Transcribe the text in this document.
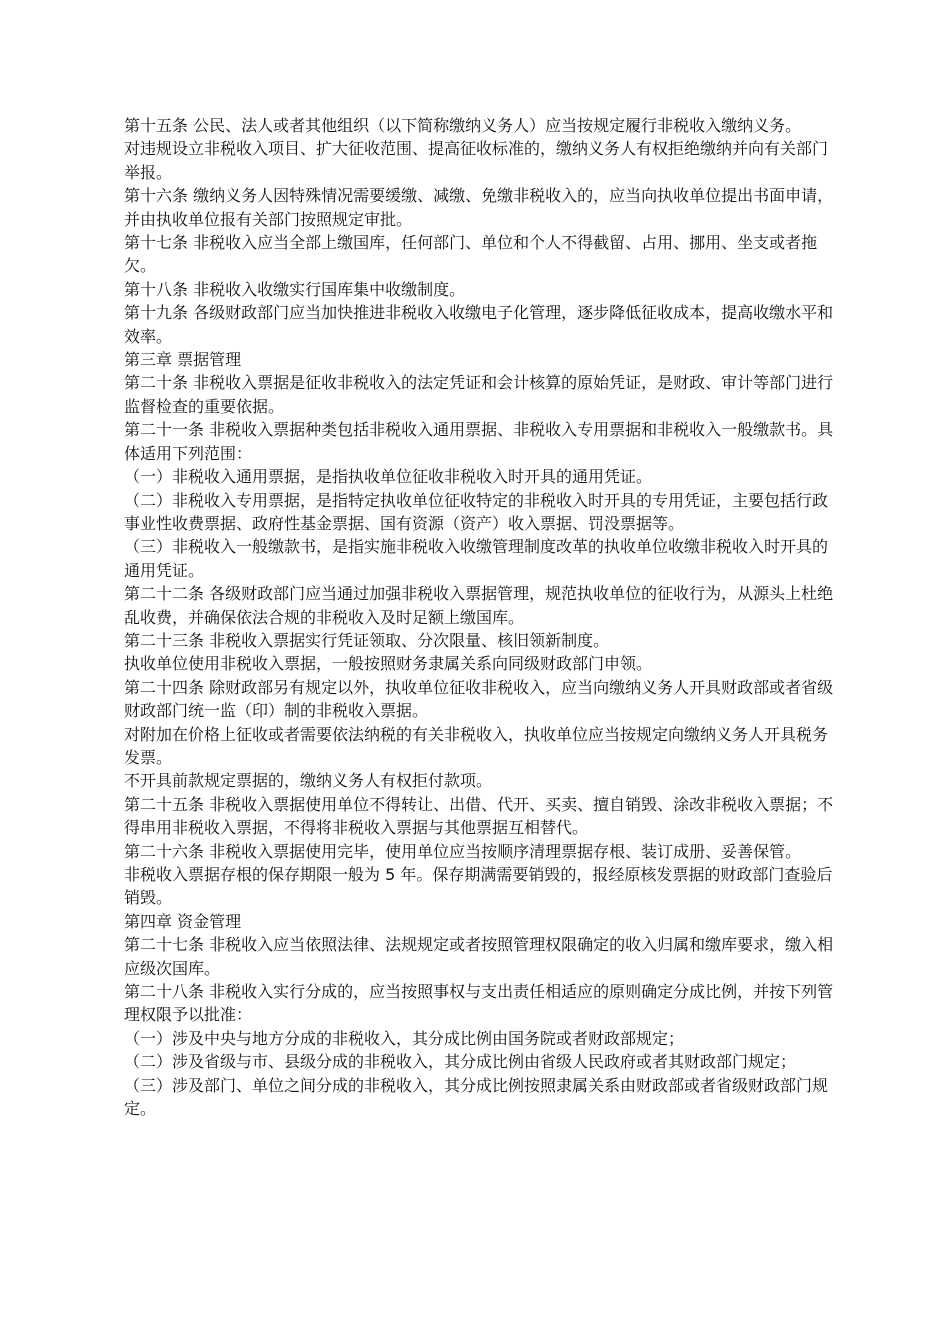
第十五条 公民、法人或者其他组织（以下简称缴纳义务人）应当按规定履行非税收入缴纳义务。

对违规设立非税收入项目、扩大征收范围、提高征收标准的，缴纳义务人有权拒绝缴纳并向有关部门举报。

第十六条 缴纳义务人因特殊情况需要缓缴、减缴、免缴非税收入的，应当向执收单位提出书面申请，并由执收单位报有关部门按照规定审批。

第十七条 非税收入应当全部上缴国库，任何部门、单位和个人不得截留、占用、挪用、坐支或者拖欠。

第十八条 非税收入收缴实行国库集中收缴制度。

第十九条 各级财政部门应当加快推进非税收入收缴电子化管理，逐步降低征收成本，提高收缴水平和效率。

第三章 票据管理

第二十条 非税收入票据是征收非税收入的法定凭证和会计核算的原始凭证，是财政、审计等部门进行监督检查的重要依据。

第二十一条 非税收入票据种类包括非税收入通用票据、非税收入专用票据和非税收入一般缴款书。具体适用下列范围：

（一）非税收入通用票据，是指执收单位征收非税收入时开具的通用凭证。

（二）非税收入专用票据，是指特定执收单位征收特定的非税收入时开具的专用凭证，主要包括行政事业性收费票据、政府性基金票据、国有资源（资产）收入票据、罚没票据等。

（三）非税收入一般缴款书，是指实施非税收入收缴管理制度改革的执收单位收缴非税收入时开具的通用凭证。

第二十二条 各级财政部门应当通过加强非税收入票据管理，规范执收单位的征收行为，从源头上杜绝乱收费，并确保依法合规的非税收入及时足额上缴国库。

第二十三条 非税收入票据实行凭证领取、分次限量、核旧领新制度。

执收单位使用非税收入票据，一般按照财务隶属关系向同级财政部门申领。

第二十四条 除财政部另有规定以外，执收单位征收非税收入，应当向缴纳义务人开具财政部或者省级财政部门统一监（印）制的非税收入票据。

对附加在价格上征收或者需要依法纳税的有关非税收入，执收单位应当按规定向缴纳义务人开具税务发票。

不开具前款规定票据的，缴纳义务人有权拒付款项。

第二十五条 非税收入票据使用单位不得转让、出借、代开、买卖、擅自销毁、涂改非税收入票据；不得串用非税收入票据，不得将非税收入票据与其他票据互相替代。

第二十六条 非税收入票据使用完毕，使用单位应当按顺序清理票据存根、装订成册、妥善保管。

非税收入票据存根的保存期限一般为 5 年。保存期满需要销毁的，报经原核发票据的财政部门查验后销毁。

第四章 资金管理

第二十七条 非税收入应当依照法律、法规规定或者按照管理权限确定的收入归属和缴库要求，缴入相应级次国库。

第二十八条 非税收入实行分成的，应当按照事权与支出责任相适应的原则确定分成比例，并按下列管理权限予以批准：

（一）涉及中央与地方分成的非税收入，其分成比例由国务院或者财政部规定；

（二）涉及省级与市、县级分成的非税收入，其分成比例由省级人民政府或者其财政部门规定；

（三）涉及部门、单位之间分成的非税收入，其分成比例按照隶属关系由财政部或者省级财政部门规定。
